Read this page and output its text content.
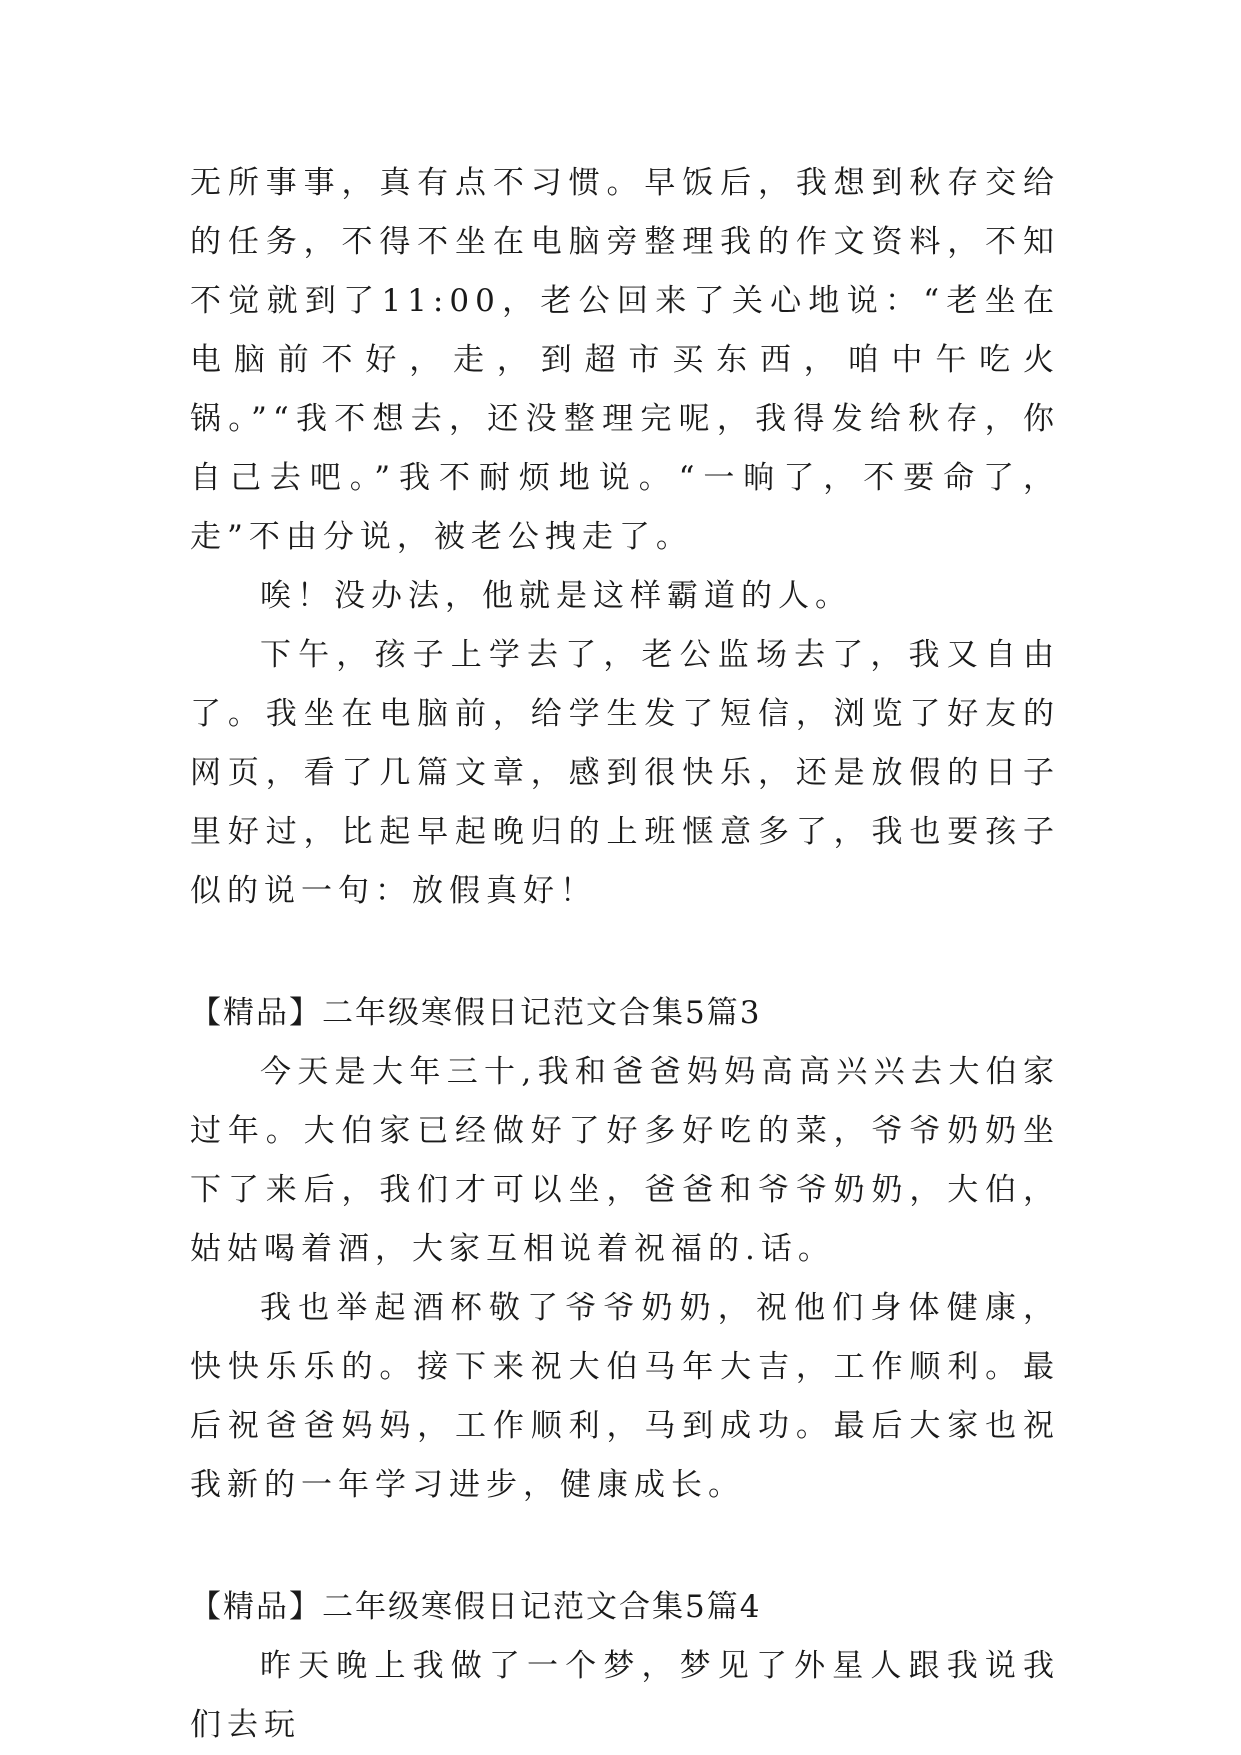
无所事事，真有点不习惯。早饭后，我想到秋存交给的任务，不得不坐在电脑旁整理我的作文资料，不知不觉就到了11:00，老公回来了关心地说：“老坐在电脑前不好，走，到超市买东西，咱中午吃火锅。”“我不想去，还没整理完呢，我得发给秋存，你自己去吧。”我不耐烦地说。“一晌了，不要命了，走”不由分说，被老公拽走了。

唉！没办法，他就是这样霸道的人。

下午，孩子上学去了，老公监场去了，我又自由了。我坐在电脑前，给学生发了短信，浏览了好友的网页，看了几篇文章，感到很快乐，还是放假的日子里好过，比起早起晚归的上班惬意多了，我也要孩子似的说一句：放假真好！

【精品】二年级寒假日记范文合集5篇3

今天是大年三十,我和爸爸妈妈高高兴兴去大伯家过年。大伯家已经做好了好多好吃的菜，爷爷奶奶坐下了来后，我们才可以坐，爸爸和爷爷奶奶，大伯，姑姑喝着酒，大家互相说着祝福的.话。

我也举起酒杯敬了爷爷奶奶，祝他们身体健康，快快乐乐的。接下来祝大伯马年大吉，工作顺利。最后祝爸爸妈妈，工作顺利，马到成功。最后大家也祝我新的一年学习进步，健康成长。

【精品】二年级寒假日记范文合集5篇4

昨天晚上我做了一个梦，梦见了外星人跟我说我们去玩
